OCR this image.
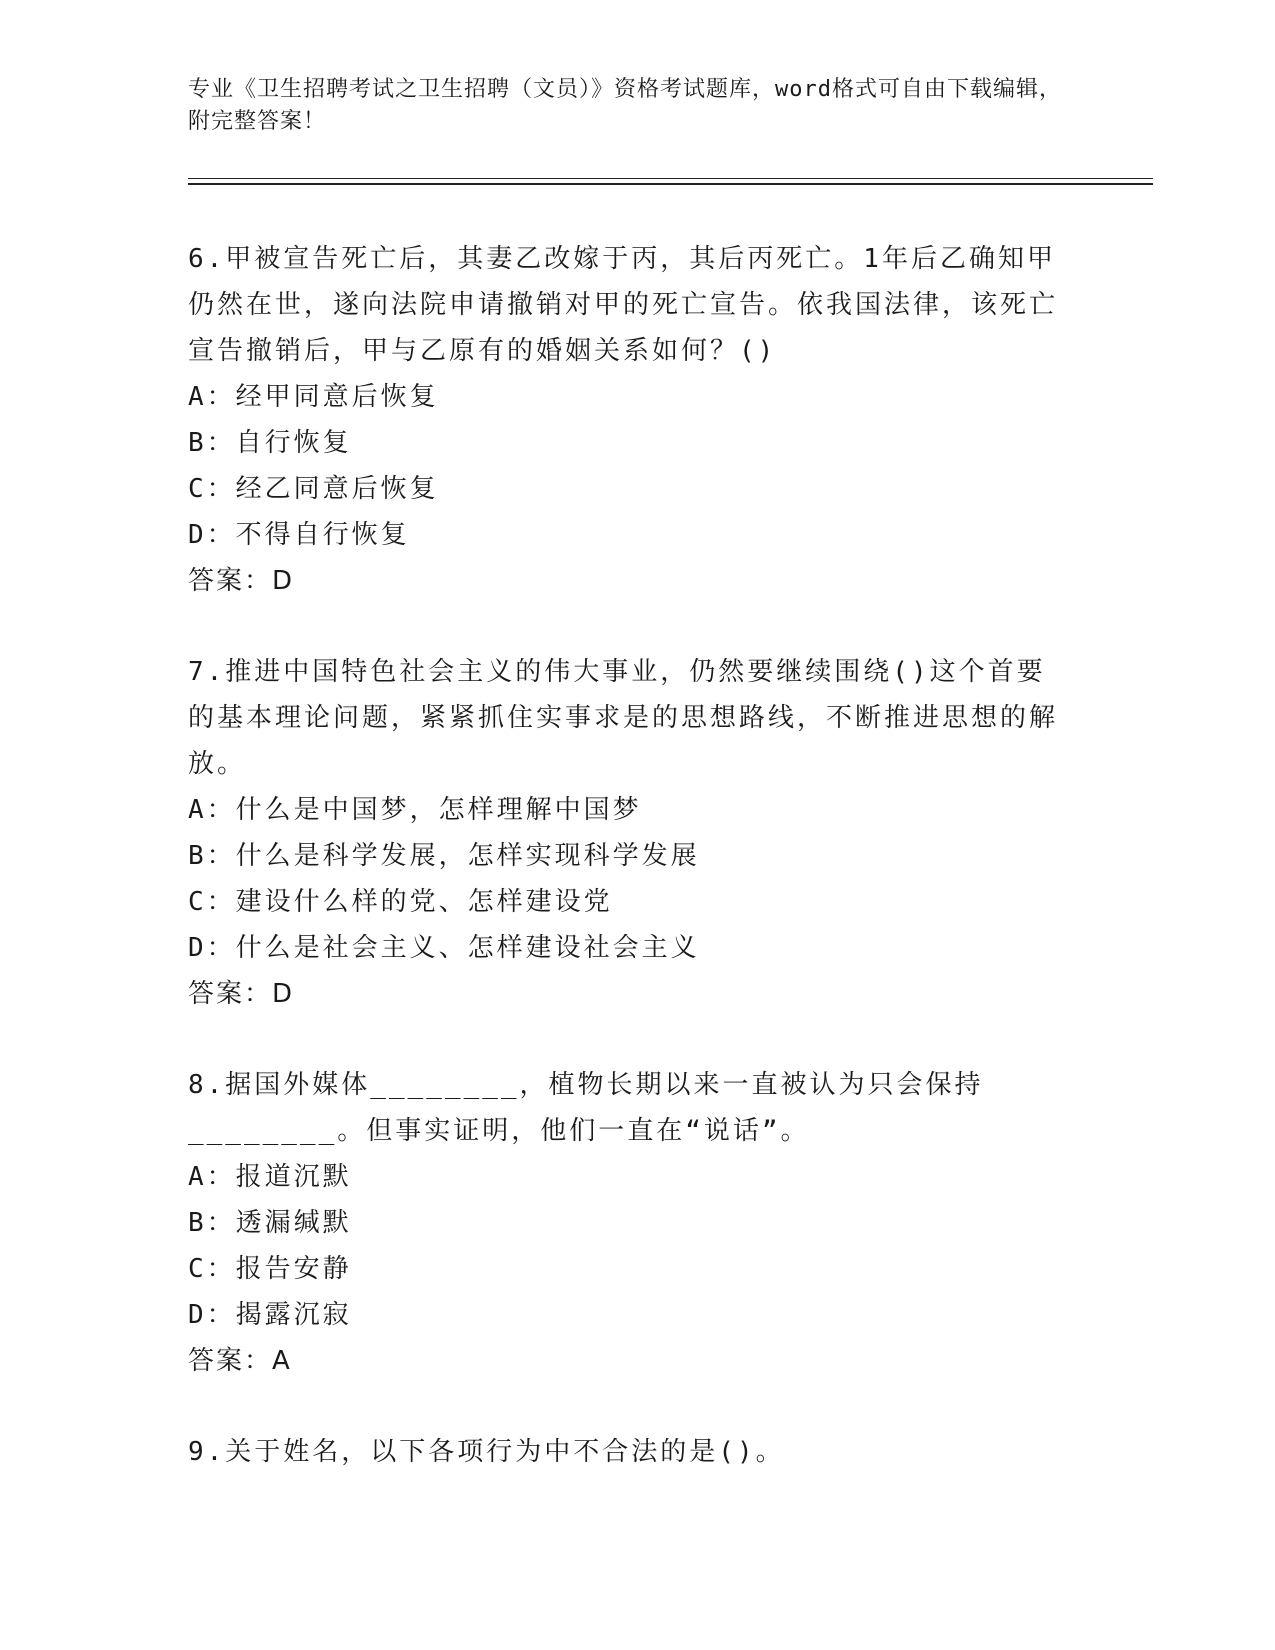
专业《卫生招聘考试之卫生招聘（文员）》资格考试题库，word格式可自由下载编辑，附完整答案！

6.甲被宣告死亡后，其妻乙改嫁于丙，其后丙死亡。1年后乙确知甲仍然在世，遂向法院申请撤销对甲的死亡宣告。依我国法律，该死亡宣告撤销后，甲与乙原有的婚姻关系如何？()

A：经甲同意后恢复

B：自行恢复

C：经乙同意后恢复

D：不得自行恢复

答案：D

7.推进中国特色社会主义的伟大事业，仍然要继续围绕()这个首要的基本理论问题，紧紧抓住实事求是的思想路线，不断推进思想的解放。

A：什么是中国梦，怎样理解中国梦

B：什么是科学发展，怎样实现科学发展

C：建设什么样的党、怎样建设党

D：什么是社会主义、怎样建设社会主义

答案：D

8.据国外媒体________，植物长期以来一直被认为只会保持________。但事实证明，他们一直在“说话”。

A：报道沉默

B：透漏缄默

C：报告安静

D：揭露沉寂

答案：A

9.关于姓名，以下各项行为中不合法的是()。
